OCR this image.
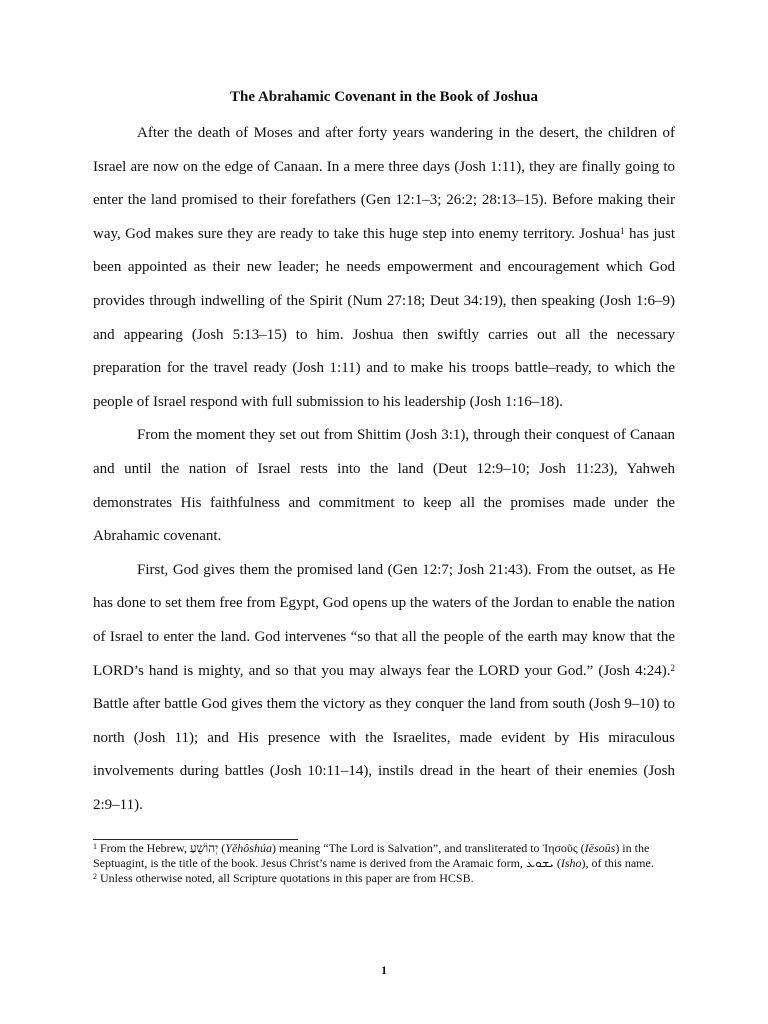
The Abrahamic Covenant in the Book of Joshua

After the death of Moses and after forty years wandering in the desert, the children of Israel are now on the edge of Canaan. In a mere three days (Josh 1:11), they are finally going to enter the land promised to their forefathers (Gen 12:1–3; 26:2; 28:13–15). Before making their way, God makes sure they are ready to take this huge step into enemy territory. Joshua$^1$ has just been appointed as their new leader; he needs empowerment and encouragement which God provides through indwelling of the Spirit (Num 27:18; Deut 34:19), then speaking (Josh 1:6–9) and appearing (Josh 5:13–15) to him. Joshua then swiftly carries out all the necessary preparation for the travel ready (Josh 1:11) and to make his troops battle–ready, to which the people of Israel respond with full submission to his leadership (Josh 1:16–18).

From the moment they set out from Shittim (Josh 3:1), through their conquest of Canaan and until the nation of Israel rests into the land (Deut 12:9–10; Josh 11:23), Yahweh demonstrates His faithfulness and commitment to keep all the promises made under the Abrahamic covenant.

First, God gives them the promised land (Gen 12:7; Josh 21:43). From the outset, as He has done to set them free from Egypt, God opens up the waters of the Jordan to enable the nation of Israel to enter the land. God intervenes “so that all the people of the earth may know that the LORD’s hand is mighty, and so that you may always fear the LORD your God.” (Josh 4:24).$^2$ Battle after battle God gives them the victory as they conquer the land from south (Josh 9–10) to north (Josh 11); and His presence with the Israelites, made evident by His miraculous involvements during battles (Josh 10:11–14), instils dread in the heart of their enemies (Josh 2:9–11).

$^1$ From the Hebrew, יְהוֹשֻׁעַ (Yĕhôshúa) meaning “The Lord is Salvation”, and transliterated to Ἰησοῦς (Iēsoūs) in the Septuagint, is the title of the book. Jesus Christ’s name is derived from the Aramaic form, ܝܫܘܥ (Isho), of this name.

$^2$ Unless otherwise noted, all Scripture quotations in this paper are from HCSB.

1
